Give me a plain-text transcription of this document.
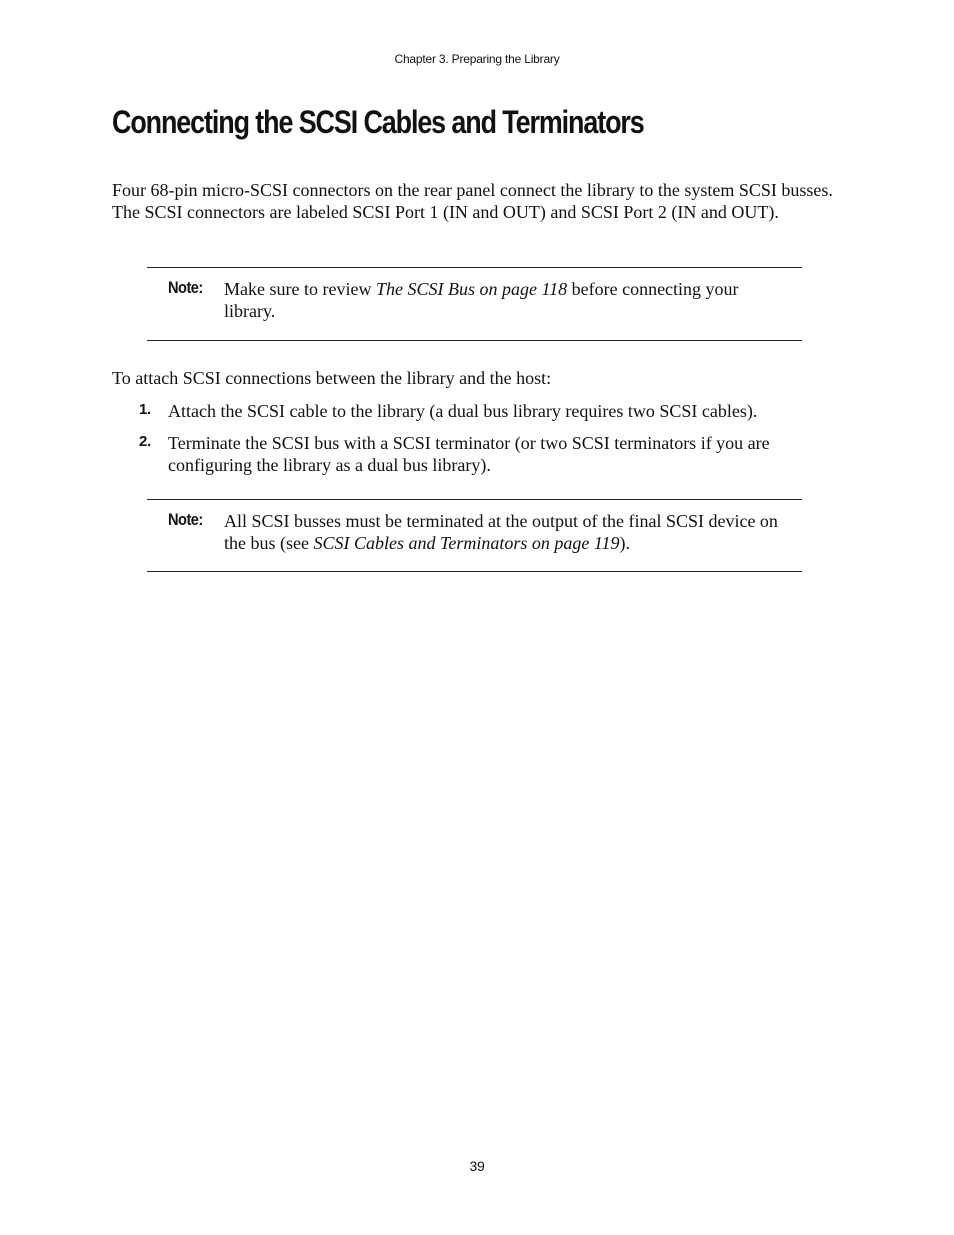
Chapter 3. Preparing the Library
Connecting the SCSI Cables and Terminators
Four 68-pin micro-SCSI connectors on the rear panel connect the library to the system SCSI busses. The SCSI connectors are labeled SCSI Port 1 (IN and OUT) and SCSI Port 2 (IN and OUT).
Note: Make sure to review The SCSI Bus on page 118 before connecting your library.
To attach SCSI connections between the library and the host:
1. Attach the SCSI cable to the library (a dual bus library requires two SCSI cables).
2. Terminate the SCSI bus with a SCSI terminator (or two SCSI terminators if you are configuring the library as a dual bus library).
Note: All SCSI busses must be terminated at the output of the final SCSI device on the bus (see SCSI Cables and Terminators on page 119).
39
